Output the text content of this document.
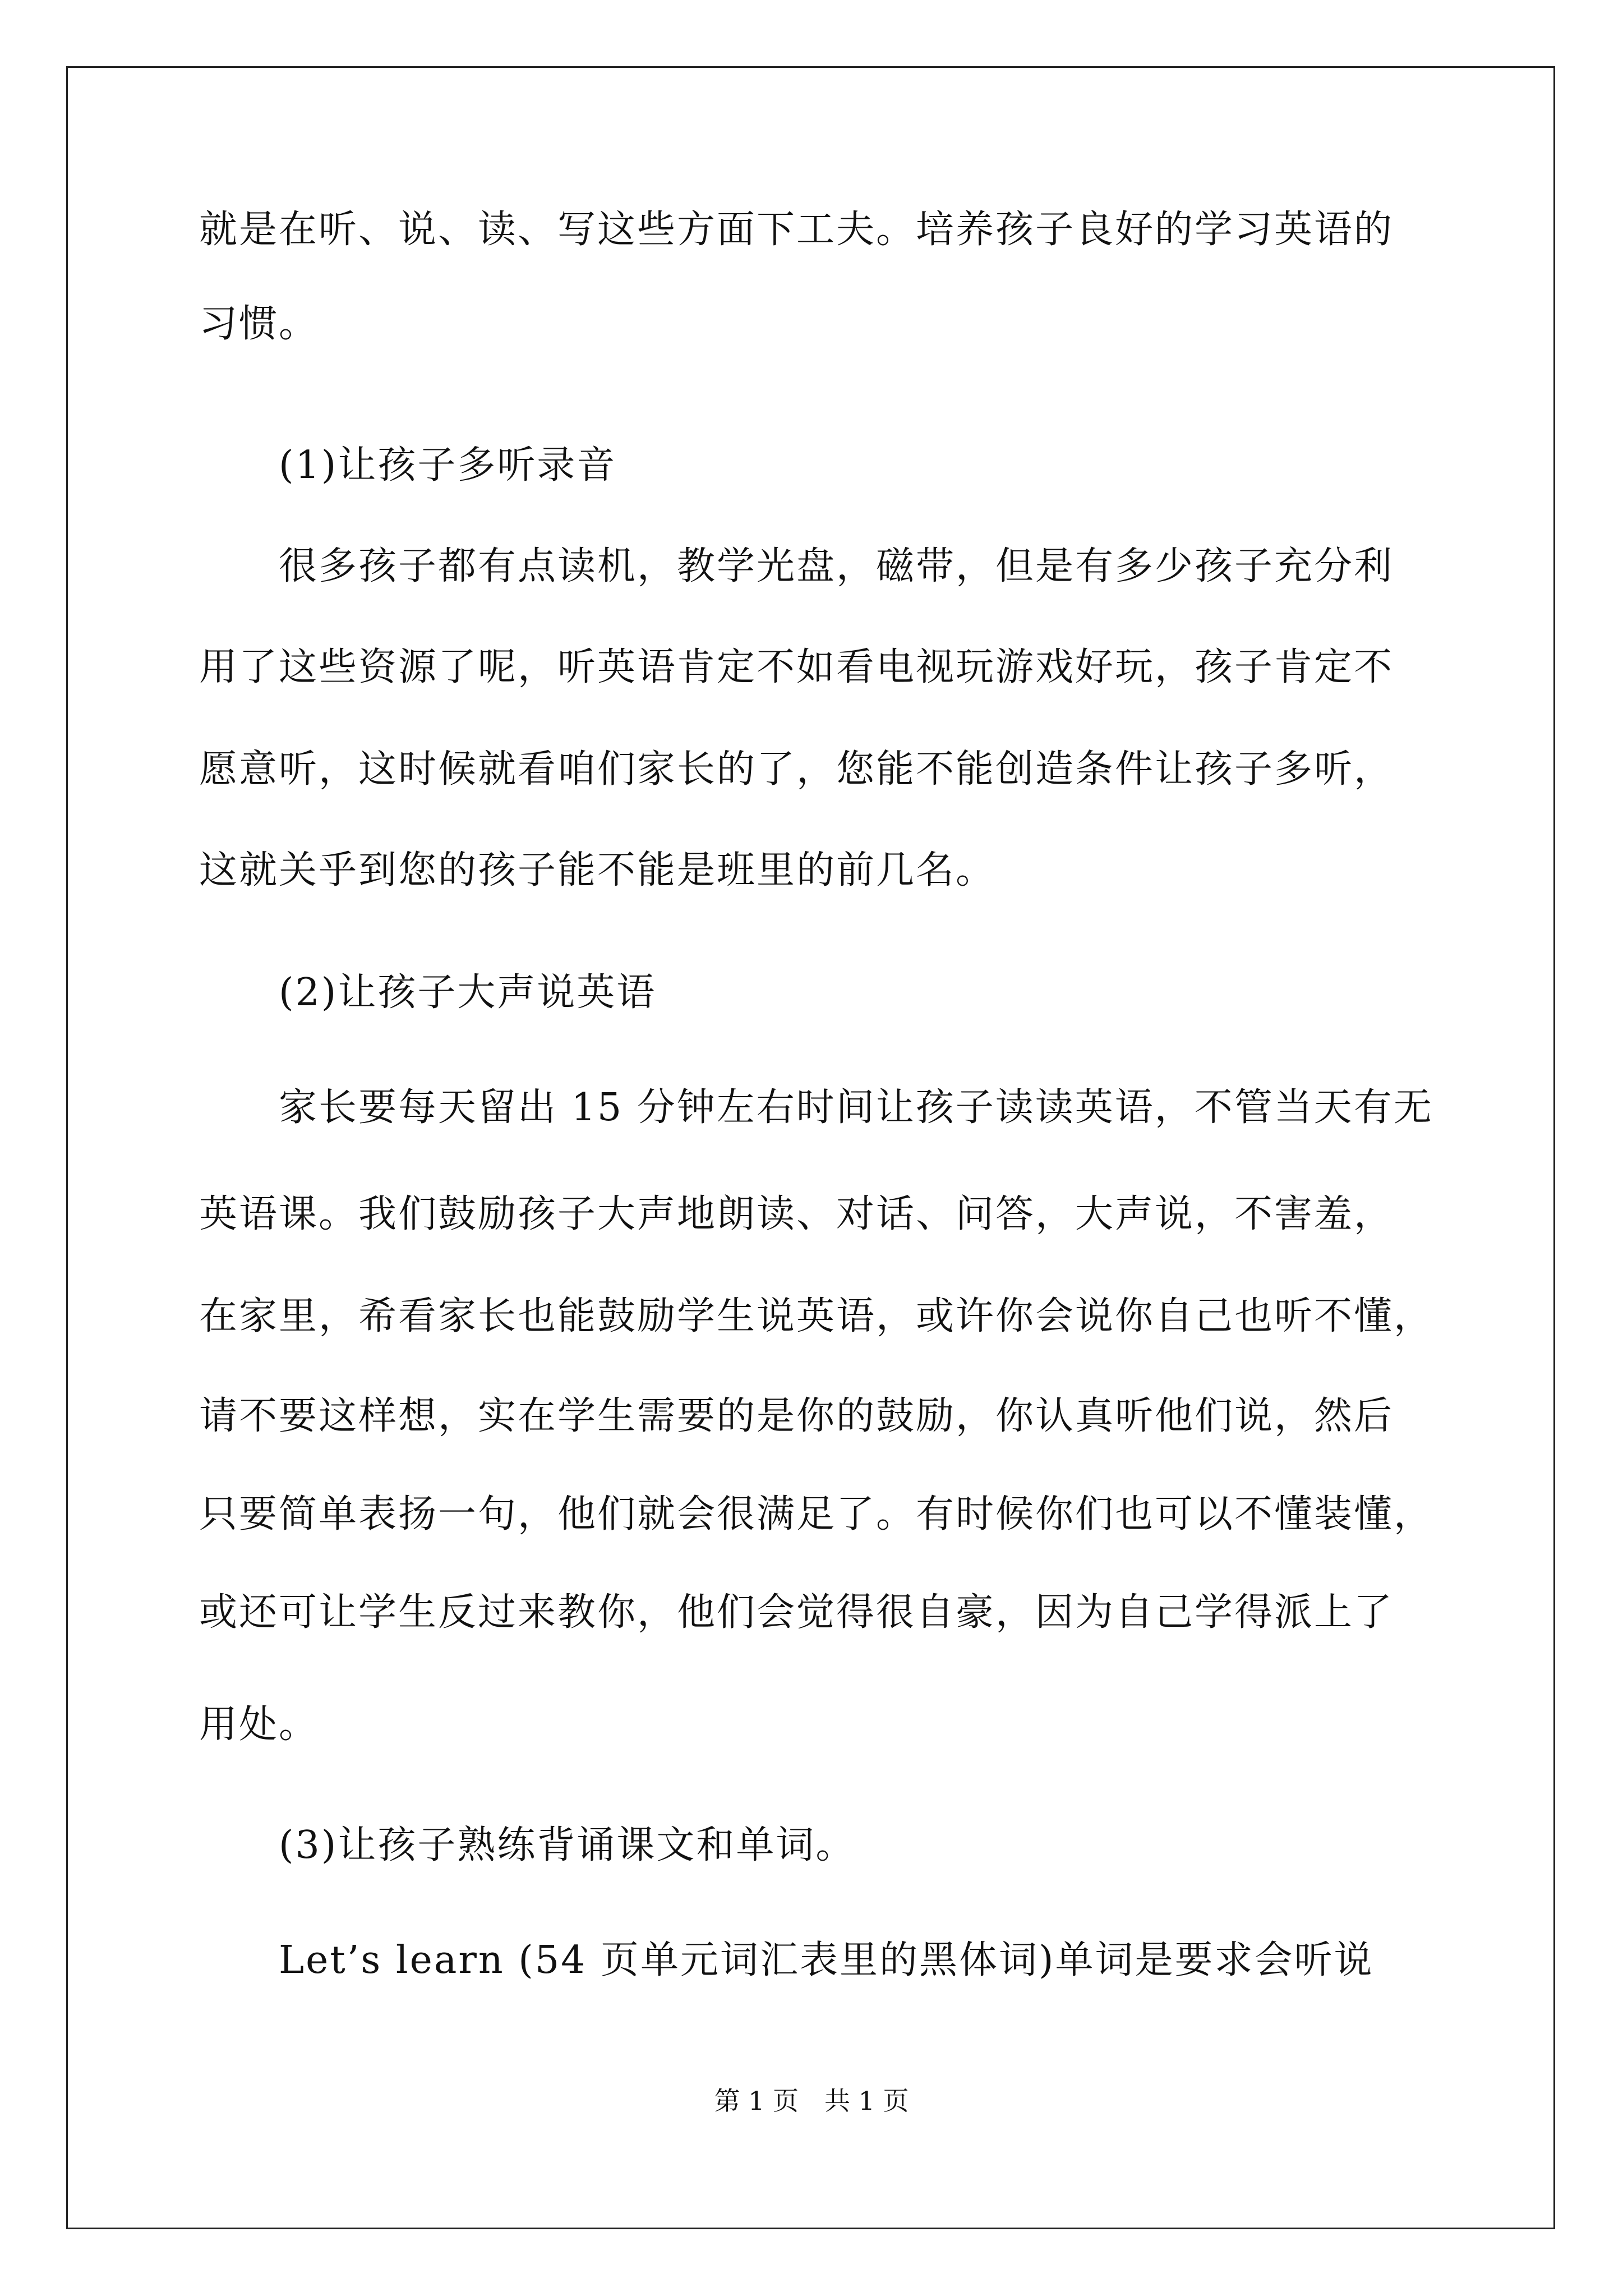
就是在听、说、读、写这些方面下工夫。培养孩子良好的学习英语的
习惯。
(1)让孩子多听录音
很多孩子都有点读机，教学光盘，磁带，但是有多少孩子充分利
用了这些资源了呢，听英语肯定不如看电视玩游戏好玩，孩子肯定不
愿意听，这时候就看咱们家长的了，您能不能创造条件让孩子多听，
这就关乎到您的孩子能不能是班里的前几名。
(2)让孩子大声说英语
家长要每天留出 15 分钟左右时间让孩子读读英语，不管当天有无
英语课。我们鼓励孩子大声地朗读、对话、问答，大声说，不害羞，
在家里，希看家长也能鼓励学生说英语，或许你会说你自己也听不懂，
请不要这样想，实在学生需要的是你的鼓励，你认真听他们说，然后
只要简单表扬一句，他们就会很满足了。有时候你们也可以不懂装懂，
或还可让学生反过来教你，他们会觉得很自豪，因为自己学得派上了
用处。
(3)让孩子熟练背诵课文和单词。
Let’s learn (54 页单元词汇表里的黑体词)单词是要求会听说
第 1 页　共 1 页
